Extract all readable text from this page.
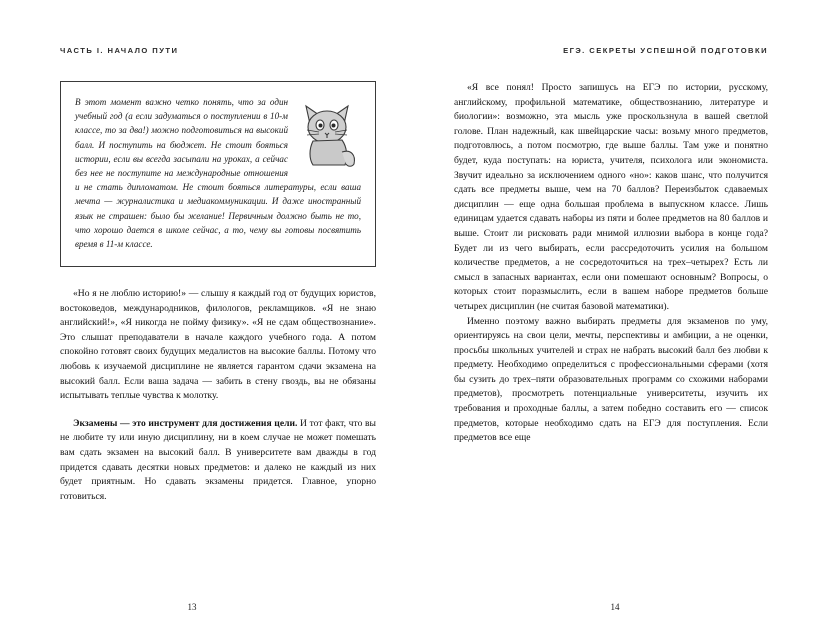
ЧАСТЬ I. НАЧАЛО ПУТИ

В этот момент важно четко понять, что за один учебный год (а если задуматься о поступлении в 10-м классе, то за два!) можно подготовиться на высокий балл. И поступить на бюджет. Не стоит бояться истории, если вы всегда засыпали на уроках, а сейчас без нее не поступите на международные отношения и не стать дипломатом. Не стоит бояться литературы, если ваша мечта — журналистика и медиакоммуникации. И даже иностранный язык не страшен: было бы желание! Первичным должно быть не то, что хорошо дается в школе сейчас, а то, чему вы готовы посвятить время в 11-м классе.

«Но я не люблю историю!» — слышу я каждый год от будущих юристов, востоковедов, международников, филологов, рекламщиков. «Я не знаю английский!», «Я никогда не пойму физику». «Я не сдам обществознание». Это слышат преподаватели в начале каждого учебного года. А потом спокойно готовят своих будущих медалистов на высокие баллы. Потому что любовь к изучаемой дисциплине не является гарантом сдачи экзамена на высокий балл. Если ваша задача — забить в стену гвоздь, вы не обязаны испытывать теплые чувства к молотку.

Экзамены — это инструмент для достижения цели. И тот факт, что вы не любите ту или иную дисциплину, ни в коем случае не может помешать вам сдать экзамен на высокий балл. В университете вам дважды в год придется сдавать десятки новых предметов: и далеко не каждый из них будет приятным. Но сдавать экзамены придется. Главное, упорно готовиться.

13
ЕГЭ. СЕКРЕТЫ УСПЕШНОЙ ПОДГОТОВКИ

«Я все понял! Просто запишусь на ЕГЭ по истории, русскому, английскому, профильной математике, обществознанию, литературе и биологии»: возможно, эта мысль уже проскользнула в вашей светлой голове. План надежный, как швейцарские часы: возьму много предметов, подготовлюсь, а потом посмотрю, где выше баллы. Там уже и понятно будет, куда поступать: на юриста, учителя, психолога или экономиста. Звучит идеально за исключением одного «но»: каков шанс, что получится сдать все предметы выше, чем на 70 баллов? Переизбыток сдаваемых дисциплин — еще одна большая проблема в выпускном классе. Лишь единицам удается сдавать наборы из пяти и более предметов на 80 баллов и выше. Стоит ли рисковать ради мнимой иллюзии выбора в конце года? Будет ли из чего выбирать, если рассредоточить усилия на большом количестве предметов, а не сосредоточиться на трех–четырех? Есть ли смысл в запасных вариантах, если они помешают основным? Вопросы, о которых стоит поразмыслить, если в вашем наборе предметов больше четырех дисциплин (не считая базовой математики).

Именно поэтому важно выбирать предметы для экзаменов по уму, ориентируясь на свои цели, мечты, перспективы и амбиции, а не оценки, просьбы школьных учителей и страх не набрать высокий балл без любви к предмету. Необходимо определиться с профессиональными сферами (хотя бы сузить до трех–пяти образовательных программ со схожими наборами предметов), просмотреть потенциальные университеты, изучить их требования и проходные баллы, а затем победно составить его — список предметов, которые необходимо сдать на ЕГЭ для поступления. Если предметов все еще

14
